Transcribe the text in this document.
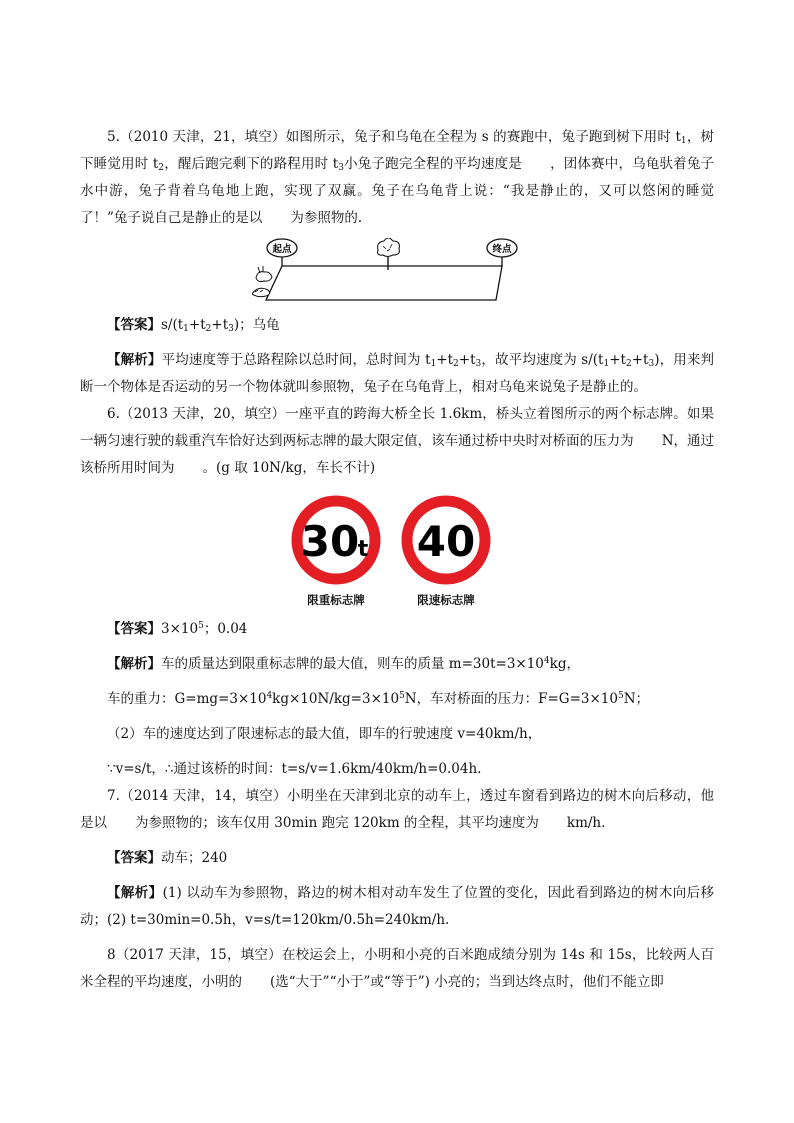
5.（2010 天津，21，填空）如图所示，兔子和乌龟在全程为 s 的赛跑中，兔子跑到树下用时 $t_1$，树下睡觉用时 $t_2$，醒后跑完剩下的路程用时 $t_3$小兔子跑完全程的平均速度是 ，团体赛中，乌龟驮着兔子水中游，兔子背着乌龟地上跑，实现了双赢。兔子在乌龟背上说：“我是静止的，又可以悠闲的睡觉了！”兔子说自己是静止的是以 为参照物的.

起点	终点

【答案】$s/(t_1+t_2+t_3)$；乌龟

【解析】平均速度等于总路程除以总时间，总时间为 $t_1+t_2+t_3$，故平均速度为 $s/(t_1+t_2+t_3)$，用来判断一个物体是否运动的另一个物体就叫参照物，兔子在乌龟背上，相对乌龟来说兔子是静止的。

6.（2013 天津，20，填空）一座平直的跨海大桥全长 1.6km，桥头立着图所示的两个标志牌。如果一辆匀速行驶的载重汽车恰好达到两标志牌的最大限定值，该车通过桥中央时对桥面的压力为 N，通过该桥所用时间为 。(g 取 10N/kg，车长不计)

30
t 40
限重标志牌	限速标志牌

【答案】$3\times 10^5$；0.04

【解析】车的质量达到限重标志牌的最大值，则车的质量 $m=30t=3\times 10^4kg$，

车的重力：$G=mg=3\times 10^4kg\times 10N/kg=3\times 10^5N$，车对桥面的压力：$F=G=3\times 10^5N$；

（2）车的速度达到了限速标志的最大值，即车的行驶速度 v=40km/h，

∵v=s/t，∴通过该桥的时间：t=s/v=1.6km/40km/h=0.04h.

7.（2014 天津，14，填空）小明坐在天津到北京的动车上，透过车窗看到路边的树木向后移动，他是以 为参照物的；该车仅用 30min 跑完 120km 的全程，其平均速度为 km/h.

【答案】动车；240

【解析】(1) 以动车为参照物，路边的树木相对动车发生了位置的变化，因此看到路边的树木向后移动；(2) t=30min=0.5h，v=s/t=120km/0.5h=240km/h.

8（2017 天津，15，填空）在校运会上，小明和小亮的百米跑成绩分别为 14s 和 15s，比较两人百米全程的平均速度，小明的 (选“大于”“小于”或“等于”) 小亮的；当到达终点时，他们不能立即
